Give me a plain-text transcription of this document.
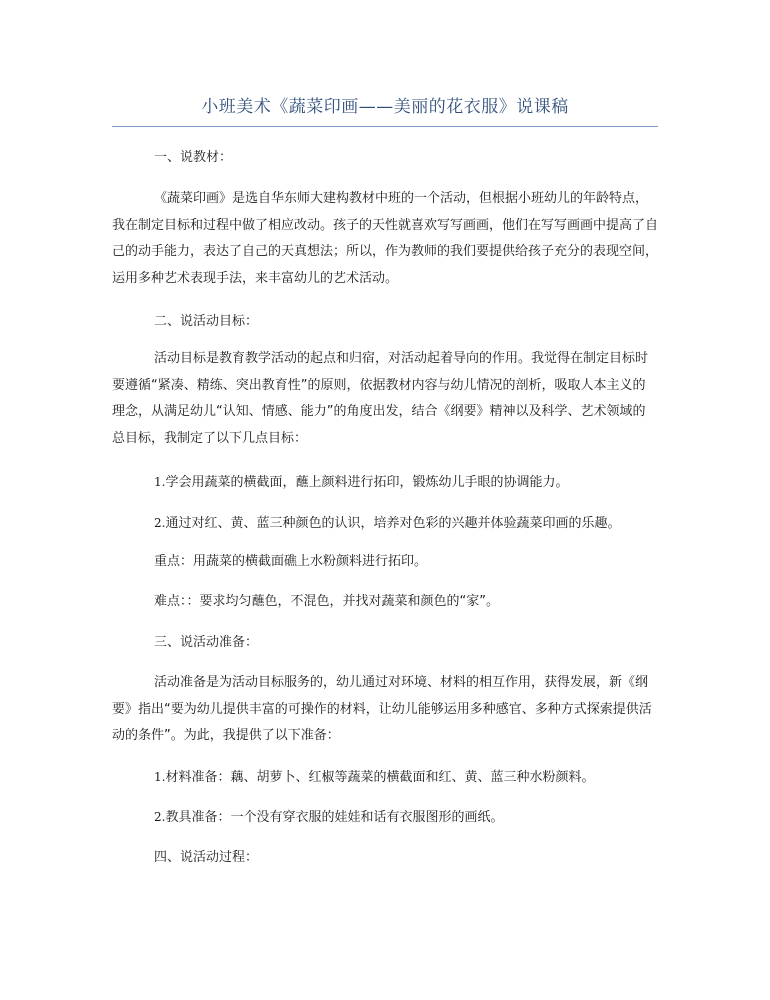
小班美术《蔬菜印画——美丽的花衣服》说课稿

一、说教材：

《蔬菜印画》是选自华东师大建构教材中班的一个活动，但根据小班幼儿的年龄特点，我在制定目标和过程中做了相应改动。孩子的天性就喜欢写写画画，他们在写写画画中提高了自己的动手能力，表达了自己的天真想法；所以，作为教师的我们要提供给孩子充分的表现空间，运用多种艺术表现手法，来丰富幼儿的艺术活动。

二、说活动目标：

活动目标是教育教学活动的起点和归宿，对活动起着导向的作用。我觉得在制定目标时要遵循“紧凑、精练、突出教育性”的原则，依据教材内容与幼儿情况的剖析，吸取人本主义的理念，从满足幼儿“认知、情感、能力”的角度出发，结合《纲要》精神以及科学、艺术领域的总目标，我制定了以下几点目标：

1.学会用蔬菜的横截面，蘸上颜料进行拓印，锻炼幼儿手眼的协调能力。

2.通过对红、黄、蓝三种颜色的认识，培养对色彩的兴趣并体验蔬菜印画的乐趣。

重点：用蔬菜的横截面礁上水粉颜料进行拓印。

难点：：要求均匀蘸色，不混色，并找对蔬菜和颜色的“家”。

三、说活动准备：

活动准备是为活动目标服务的，幼儿通过对环境、材料的相互作用，获得发展，新《纲要》指出“要为幼儿提供丰富的可操作的材料，让幼儿能够运用多种感官、多种方式探索提供活动的条件”。为此，我提供了以下准备：

1.材料准备：藕、胡萝卜、红椒等蔬菜的横截面和红、黄、蓝三种水粉颜料。

2.教具准备：一个没有穿衣服的娃娃和话有衣服图形的画纸。

四、说活动过程：
